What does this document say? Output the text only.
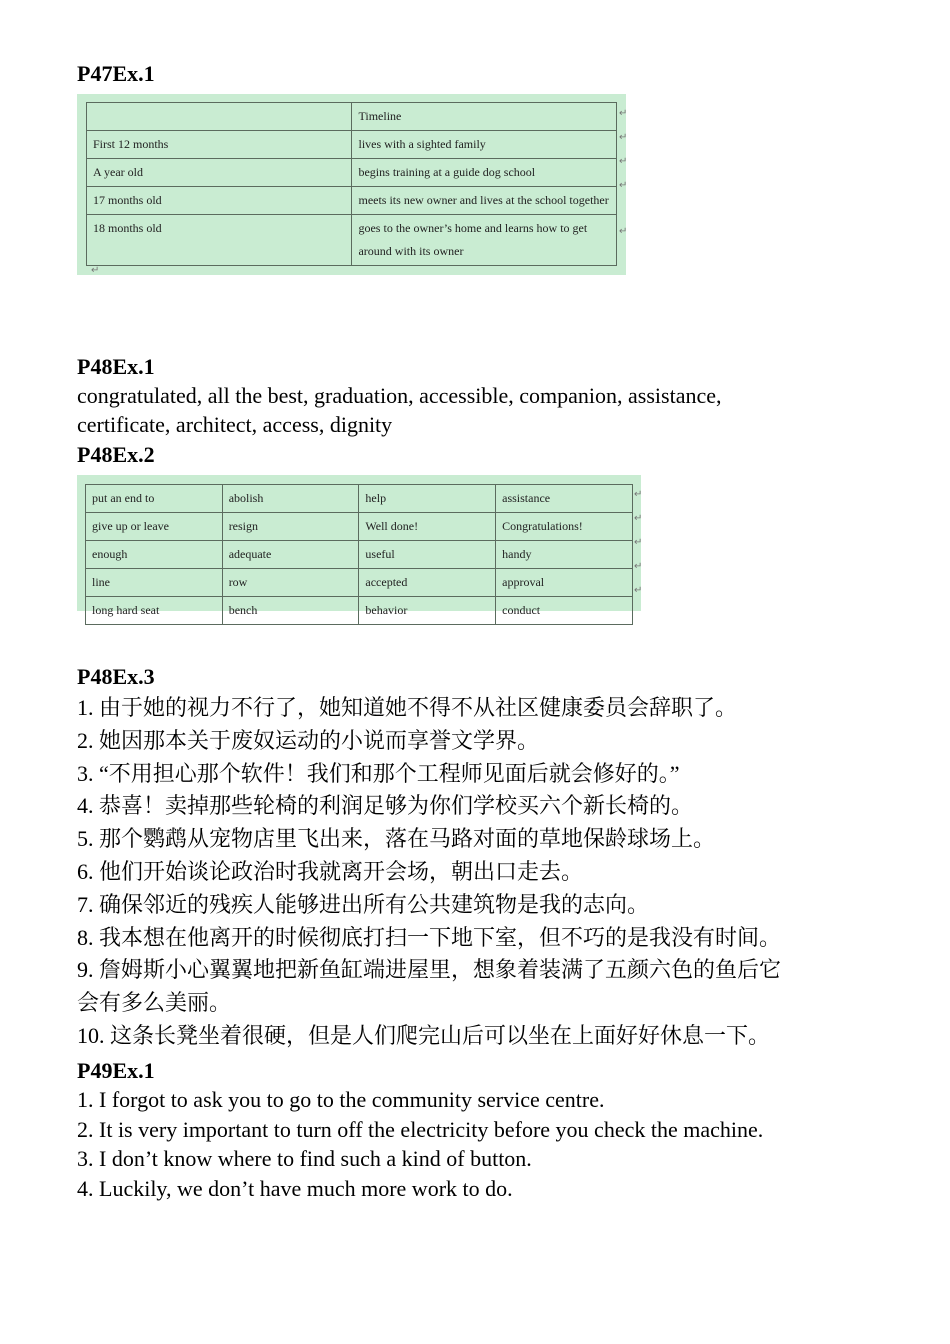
P47Ex.1
	Timeline
First 12 months	lives with a sighted family
A year old	begins training at a guide dog school
17 months old	meets its new owner and lives at the school together
18 months old	goes to the owner’s home and learns how to get around with its owner
↵
↵
↵
↵
↵
↵
P48Ex.1
congratulated, all the best, graduation, accessible, companion, assistance,
certificate, architect, access, dignity
P48Ex.2
put an end to	abolish	help	assistance
give up or leave	resign	Well done!	Congratulations!
enough	adequate	useful	handy
line	row	accepted	approval
long hard seat	bench	behavior	conduct
↵
↵
↵
↵
↵
P48Ex.3
1. 由于她的视力不行了，她知道她不得不从社区健康委员会辞职了。
2. 她因那本关于废奴运动的小说而享誉文学界。
3. “不用担心那个软件！我们和那个工程师见面后就会修好的。”
4. 恭喜！卖掉那些轮椅的利润足够为你们学校买六个新长椅的。
5. 那个鹦鹉从宠物店里飞出来，落在马路对面的草地保龄球场上。
6. 他们开始谈论政治时我就离开会场，朝出口走去。
7. 确保邻近的残疾人能够进出所有公共建筑物是我的志向。
8. 我本想在他离开的时候彻底打扫一下地下室，但不巧的是我没有时间。
9. 詹姆斯小心翼翼地把新鱼缸端进屋里，想象着装满了五颜六色的鱼后它
会有多么美丽。
10. 这条长凳坐着很硬，但是人们爬完山后可以坐在上面好好休息一下。
P49Ex.1
1. I forgot to ask you to go to the community service centre.
2. It is very important to turn off the electricity before you check the machine.
3. I don’t know where to find such a kind of button.
4. Luckily, we don’t have much more work to do.
